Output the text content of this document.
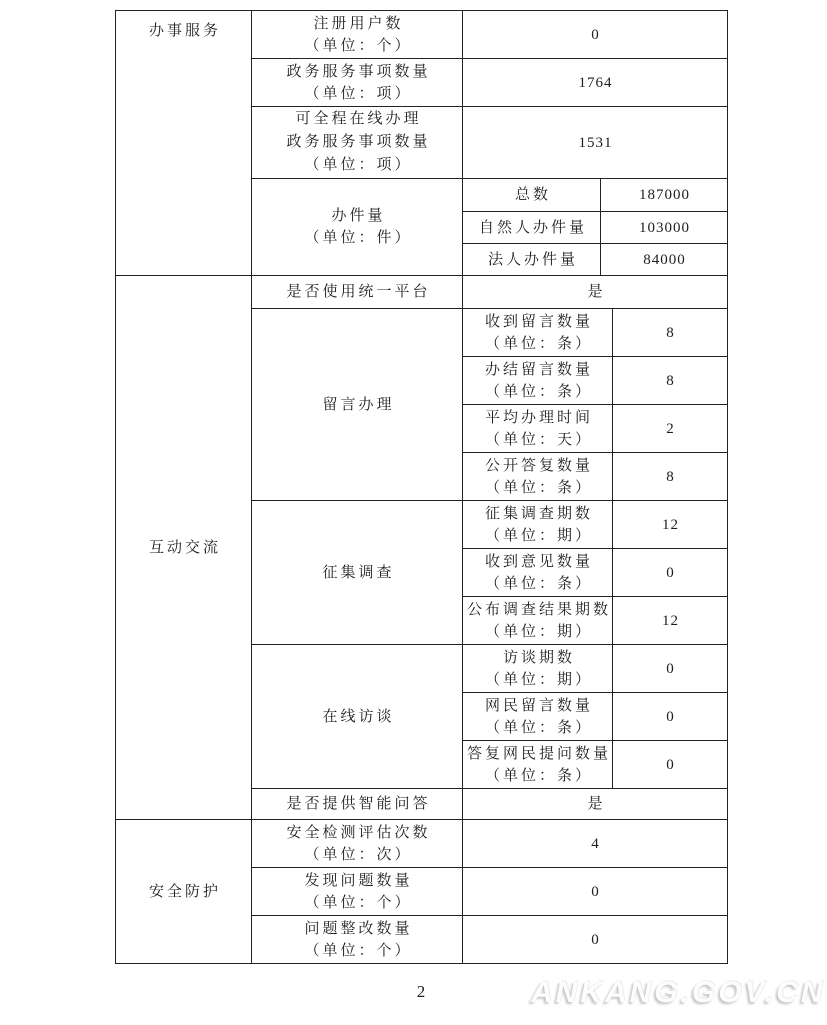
办事服务	注册用户数
（单位：个）	0		

	政务服务事项数量
（单位：项）	1764		

	可全程在线办理
政务服务事项数量
（单位：项）	1531		

	办件量
（单位：件）	总数	187000	
		自然人办件量	103000	
		法人办件量	84000	

互动交流	是否使用统一平台	是		

	留言办理	收到留言数量
（单位：条）		8

		办结留言数量
（单位：条）		8

		平均办理时间
（单位：天）		2

		公开答复数量
（单位：条）		8

	征集调查	征集调查期数
（单位：期）		12

		收到意见数量
（单位：条）		0

		公布调查结果期数
（单位：期）		12

	在线访谈	访谈期数
（单位：期）		0

		网民留言数量
（单位：条）		0

		答复网民提问数量
（单位：条）		0
	是否提供智能问答	是		

安全防护	安全检测评估次数
（单位：次）	4		

	发现问题数量
（单位：个）	0		

	问题整改数量
（单位：个）	0		
2	ANKANG.GOV.CN
